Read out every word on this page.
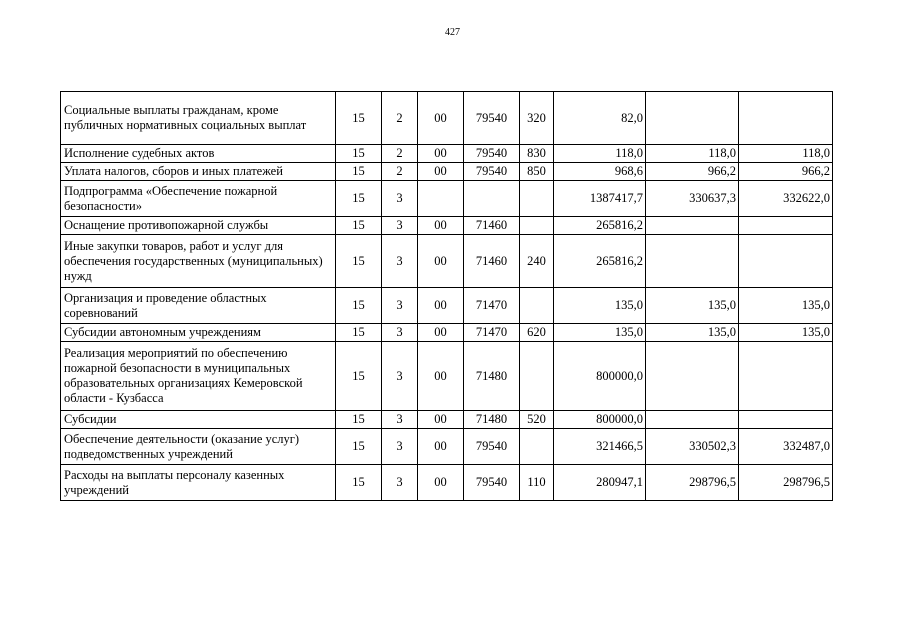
427
Социальные выплаты гражданам, кроме публичных нормативных социальных выплат	15	2	00	79540	320	82,0		
Исполнение судебных актов	15	2	00	79540	830	118,0	118,0	118,0
Уплата налогов, сборов и иных платежей	15	2	00	79540	850	968,6	966,2	966,2
Подпрограмма «Обеспечение пожарной безопасности»	15	3				1387417,7	330637,3	332622,0
Оснащение противопожарной службы	15	3	00	71460		265816,2		
Иные закупки товаров, работ и услуг для обеспечения государственных (муниципальных) нужд	15	3	00	71460	240	265816,2		
Организация и проведение областных соревнований	15	3	00	71470		135,0	135,0	135,0
Субсидии автономным учреждениям	15	3	00	71470	620	135,0	135,0	135,0
Реализация мероприятий по обеспечению пожарной безопасности в муниципальных образовательных организациях Кемеровской области - Кузбасса	15	3	00	71480		800000,0		
Субсидии	15	3	00	71480	520	800000,0		
Обеспечение деятельности (оказание услуг) подведомственных учреждений	15	3	00	79540		321466,5	330502,3	332487,0
Расходы на выплаты персоналу казенных учреждений	15	3	00	79540	110	280947,1	298796,5	298796,5
